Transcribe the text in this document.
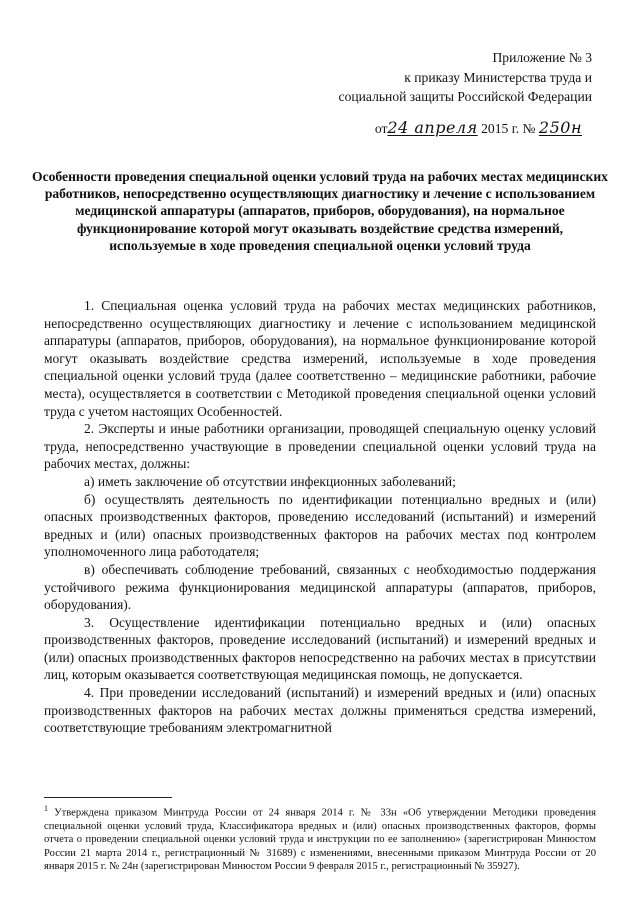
Приложение № 3
к приказу Министерства труда и
социальной защиты Российской Федерации
от24 апреля 2015 г. № 250н
Особенности проведения специальной оценки условий труда на рабочих местах медицинских работников, непосредственно осуществляющих диагностику и лечение с использованием медицинской аппаратуры (аппаратов, приборов, оборудования), на нормальное функционирование которой могут оказывать воздействие средства измерений, используемые в ходе проведения специальной оценки условий труда

1. Специальная оценка условий труда на рабочих местах медицинских работников, непосредственно осуществляющих диагностику и лечение с использованием медицинской аппаратуры (аппаратов, приборов, оборудования), на нормальное функционирование которой могут оказывать воздействие средства измерений, используемые в ходе проведения специальной оценки условий труда (далее соответственно – медицинские работники, рабочие места), осуществляется в соответствии с Методикой проведения специальной оценки условий труда с учетом настоящих Особенностей.

2. Эксперты и иные работники организации, проводящей специальную оценку условий труда, непосредственно участвующие в проведении специальной оценки условий труда на рабочих местах, должны:

а) иметь заключение об отсутствии инфекционных заболеваний;

б) осуществлять деятельность по идентификации потенциально вредных и (или) опасных производственных факторов, проведению исследований (испытаний) и измерений вредных и (или) опасных производственных факторов на рабочих местах под контролем уполномоченного лица работодателя;

в) обеспечивать соблюдение требований, связанных с необходимостью поддержания устойчивого режима функционирования медицинской аппаратуры (аппаратов, приборов, оборудования).

3. Осуществление идентификации потенциально вредных и (или) опасных производственных факторов, проведение исследований (испытаний) и измерений вредных и (или) опасных производственных факторов непосредственно на рабочих местах в присутствии лиц, которым оказывается соответствующая медицинская помощь, не допускается.

4. При проведении исследований (испытаний) и измерений вредных и (или) опасных производственных факторов на рабочих местах должны применяться средства измерений, соответствующие требованиям электромагнитной

$^1$ Утверждена приказом Минтруда России от 24 января 2014 г. № 33н «Об утверждении Методики проведения специальной оценки условий труда, Классификатора вредных и (или) опасных производственных факторов, формы отчета о проведении специальной оценки условий труда и инструкции по ее заполнению» (зарегистрирован Минюстом России 21 марта 2014 г., регистрационный № 31689) с изменениями, внесенными приказом Минтруда России от 20 января 2015 г. № 24н (зарегистрирован Минюстом России 9 февраля 2015 г., регистрационный № 35927).
